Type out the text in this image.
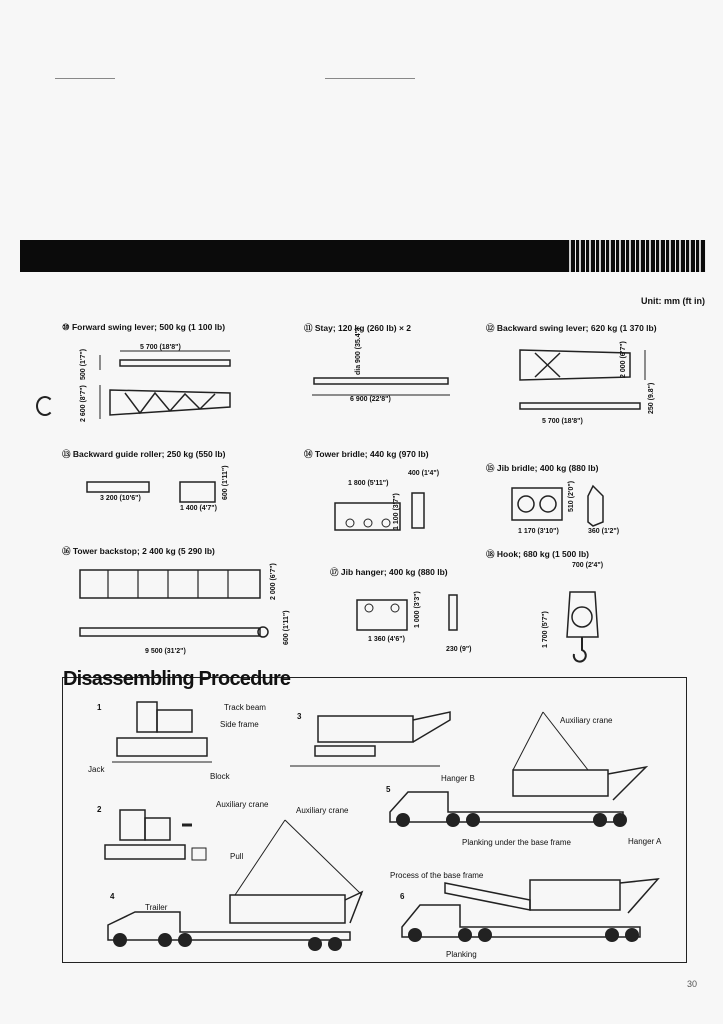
Unit: mm (ft in)
⑩ Forward swing lever; 500 kg (1 100 lb)
5 700 (18'8")
500 (1'7")
2 600 (8'7")
⑪ Stay; 120 kg (260 lb) × 2
dia 900 (35.4")
6 900 (22'8")
⑫ Backward swing lever; 620 kg (1 370 lb)
2 000 (6'7")
250 (9.8")
5 700 (18'8")
⑬ Backward guide roller; 250 kg (550 lb)
3 200 (10'6")
1 400 (4'7")
600 (1'11")
⑭ Tower bridle; 440 kg (970 lb)
1 800 (5'11")
400 (1'4")
1 100 (3'7")
⑮ Jib bridle; 400 kg (880 lb)
1 170 (3'10")
510 (2'0")
360 (1'2")
⑯ Tower backstop; 2 400 kg (5 290 lb)
2 000 (6'7")
9 500 (31'2")
600 (1'11")
⑰ Jib hanger; 400 kg (880 lb)
1 000 (3'3")
1 360 (4'6")
230 (9")
⑱ Hook; 680 kg (1 500 lb)
700 (2'4")
1 700 (5'7")
Disassembling Procedure
1	Track beam
Side frame
Jack
Block
2
Auxiliary crane
Auxiliary crane
Pull
3
4
Trailer
5
Auxiliary crane
Hanger B
Hanger A
Planking under the base frame
6
Process of the base frame
Planking
30
